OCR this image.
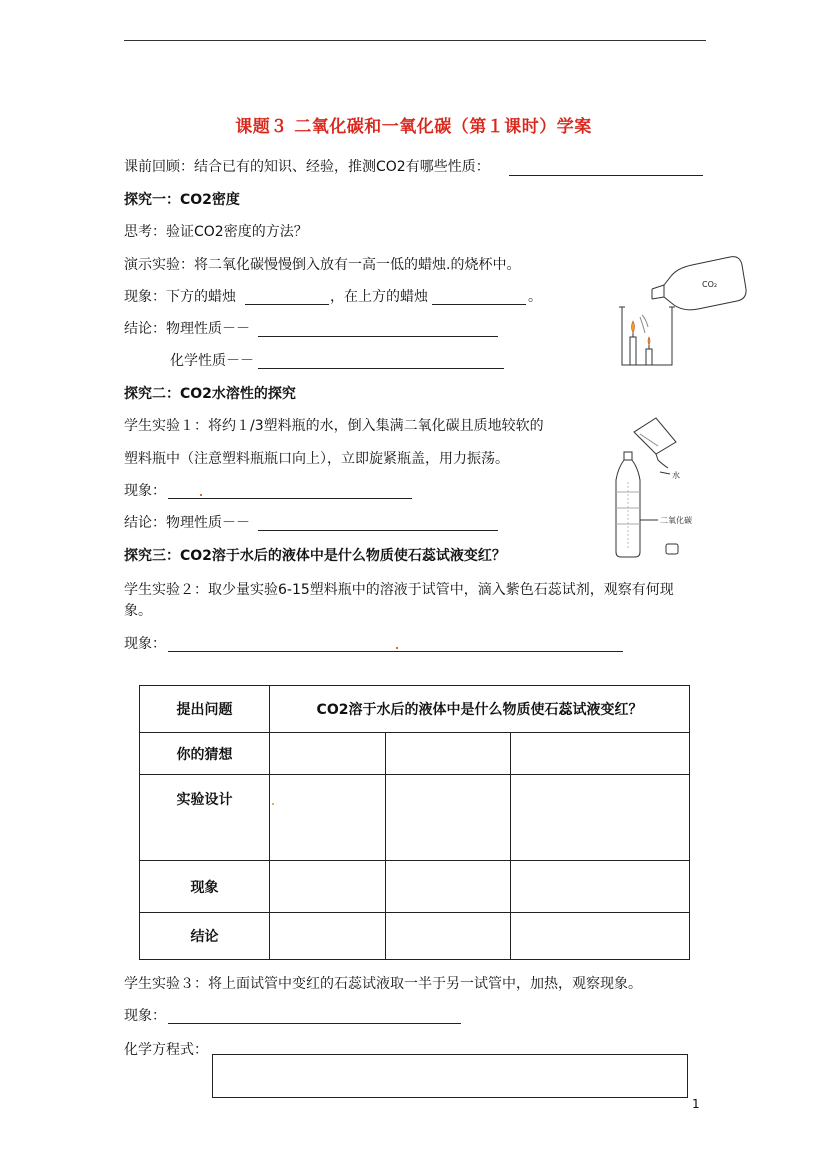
课题３ 二氧化碳和一氧化碳（第１课时）学案
课前回顾：结合已有的知识、经验，推测CO2有哪些性质：
探究一：CO2密度
思考：验证CO2密度的方法？
演示实验：将二氧化碳慢慢倒入放有一高一低的蜡烛.的烧杯中。
现象：下方的蜡烛	，在上方的蜡烛	。
结论：物理性质－－
化学性质－－
CO₂
探究二：CO2水溶性的探究
学生实验１：将约１/3塑料瓶的水，倒入集满二氧化碳且质地较软的
塑料瓶中（注意塑料瓶瓶口向上），立即旋紧瓶盖，用力振荡。
现象：
结论：物理性质－－
水
二氧化碳
探究三：CO2溶于水后的液体中是什么物质使石蕊试液变红？
学生实验２：取少量实验6-15塑料瓶中的溶液于试管中，滴入紫色石蕊试剂，观察有何现
象。
现象：
提出问题	CO2溶于水后的液体中是什么物质使石蕊试液变红？		
你的猜想			
实验设计			
现象			
结论			
学生实验３：将上面试管中变红的石蕊试液取一半于另一试管中，加热，观察现象。
现象：
化学方程式：
1
